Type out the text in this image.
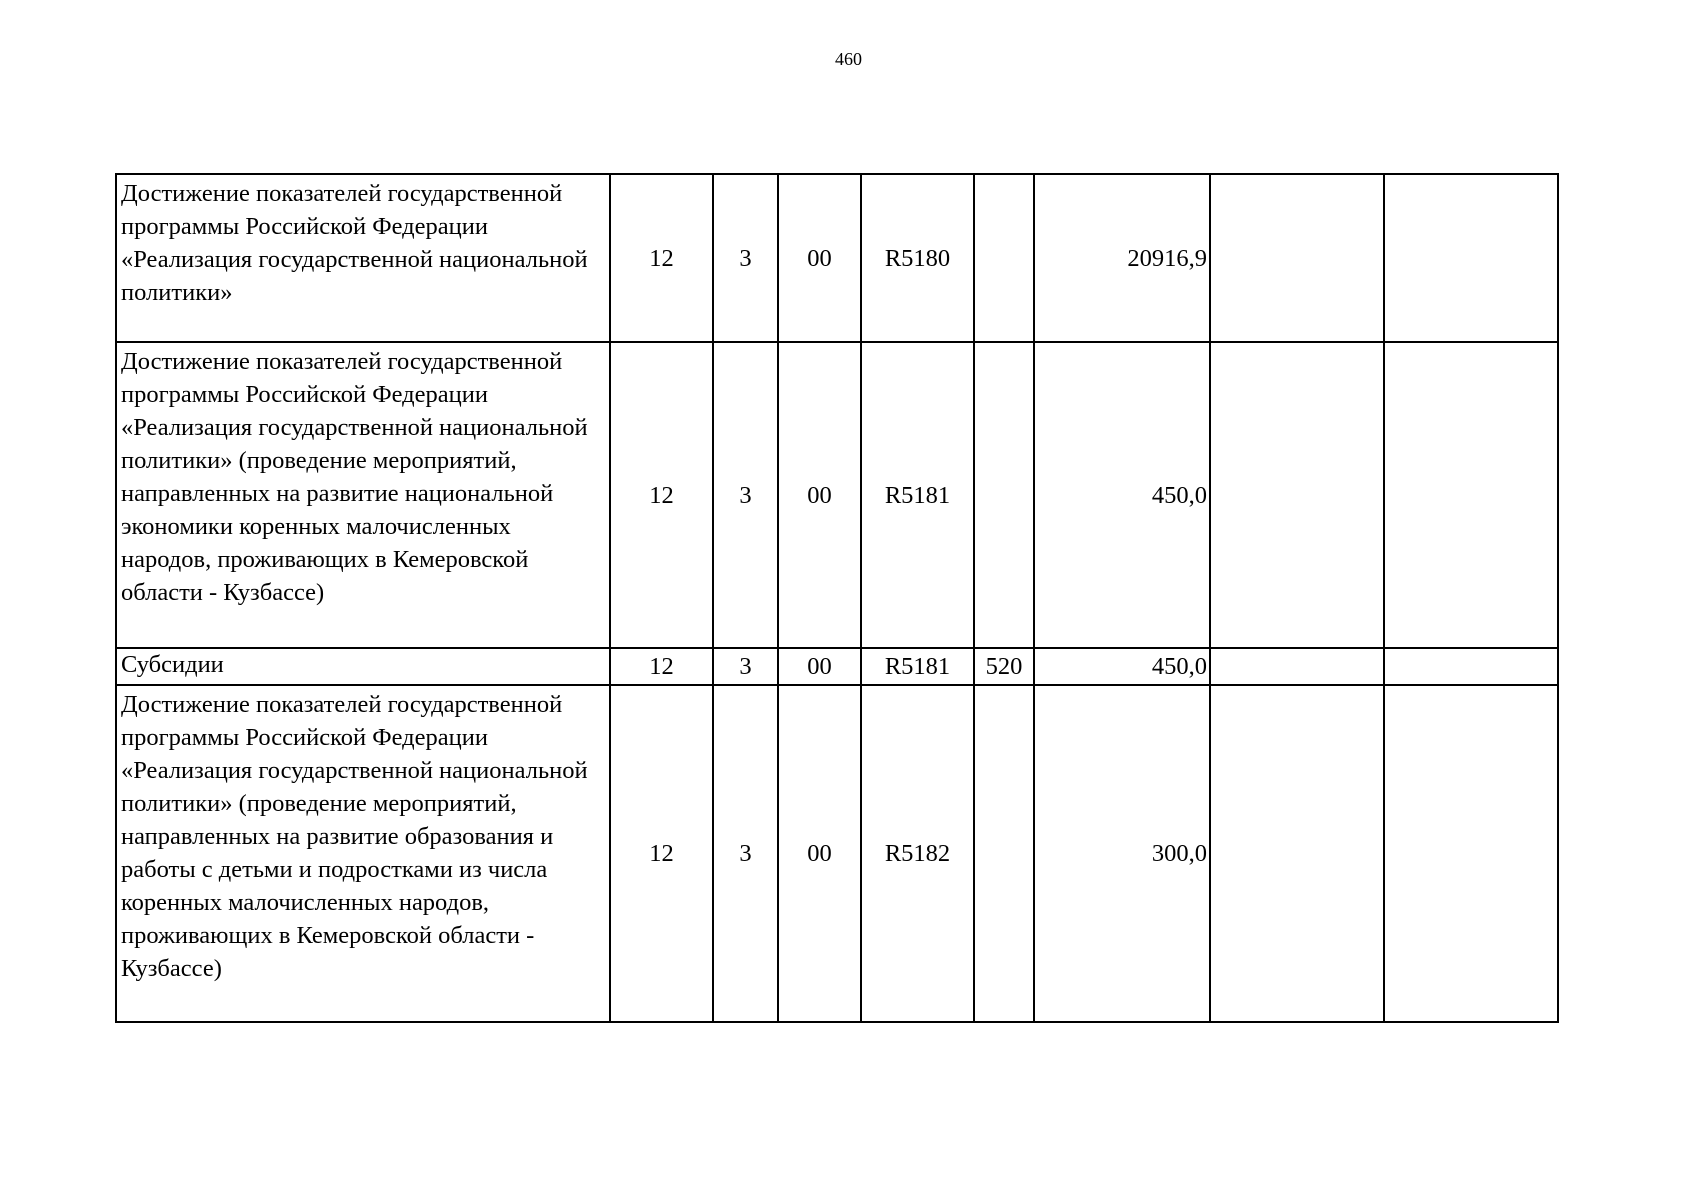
460
Достижение показателей государственной программы Российской Федерации «Реализация государственной национальной политики»	12	3	00	R5180		20916,9		
Достижение показателей государственной программы Российской Федерации «Реализация государственной национальной политики» (проведение мероприятий, направленных на развитие национальной экономики коренных малочисленных народов, проживающих в Кемеровской области - Кузбассе)	12	3	00	R5181		450,0		
Субсидии	12	3	00	R5181	520	450,0		
Достижение показателей государственной программы Российской Федерации «Реализация государственной национальной политики» (проведение мероприятий, направленных на развитие образования и работы с детьми и подростками из числа коренных малочисленных народов, проживающих в Кемеровской области - Кузбассе)	12	3	00	R5182		300,0		
